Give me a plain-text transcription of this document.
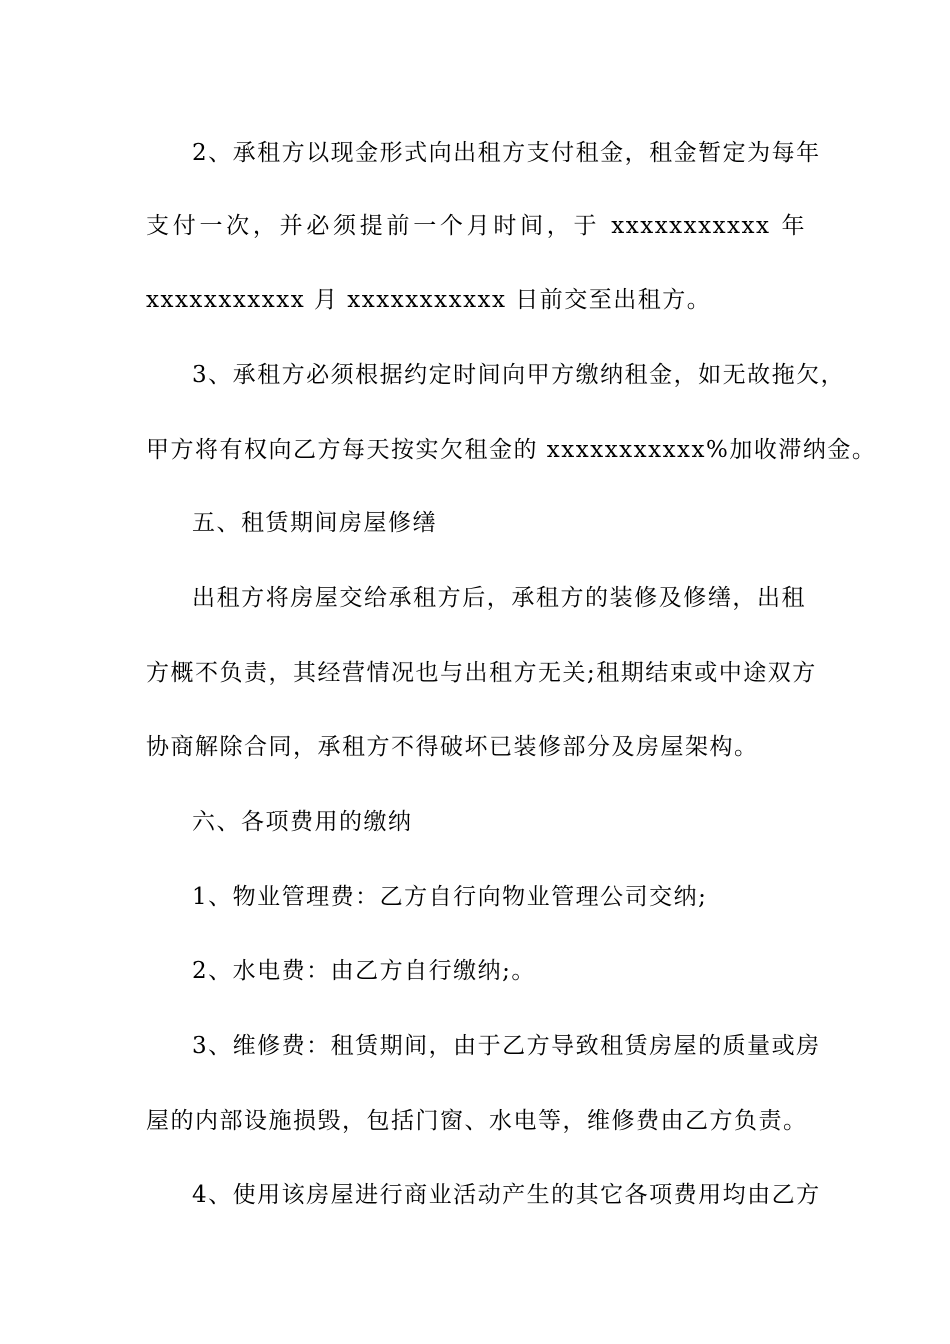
2、承租方以现金形式向出租方支付租金，租金暂定为每年
支付一次，并必须提前一个月时间，于 xxxxxxxxxxx 年
xxxxxxxxxxx 月 xxxxxxxxxxx 日前交至出租方。
3、承租方必须根据约定时间向甲方缴纳租金，如无故拖欠，
甲方将有权向乙方每天按实欠租金的 xxxxxxxxxxx%加收滞纳金。
五、租赁期间房屋修缮
出租方将房屋交给承租方后，承租方的装修及修缮，出租
方概不负责，其经营情况也与出租方无关;租期结束或中途双方
协商解除合同，承租方不得破坏已装修部分及房屋架构。
六、各项费用的缴纳
1、物业管理费：乙方自行向物业管理公司交纳;
2、水电费：由乙方自行缴纳;。
3、维修费：租赁期间，由于乙方导致租赁房屋的质量或房
屋的内部设施损毁，包括门窗、水电等，维修费由乙方负责。
4、使用该房屋进行商业活动产生的其它各项费用均由乙方
